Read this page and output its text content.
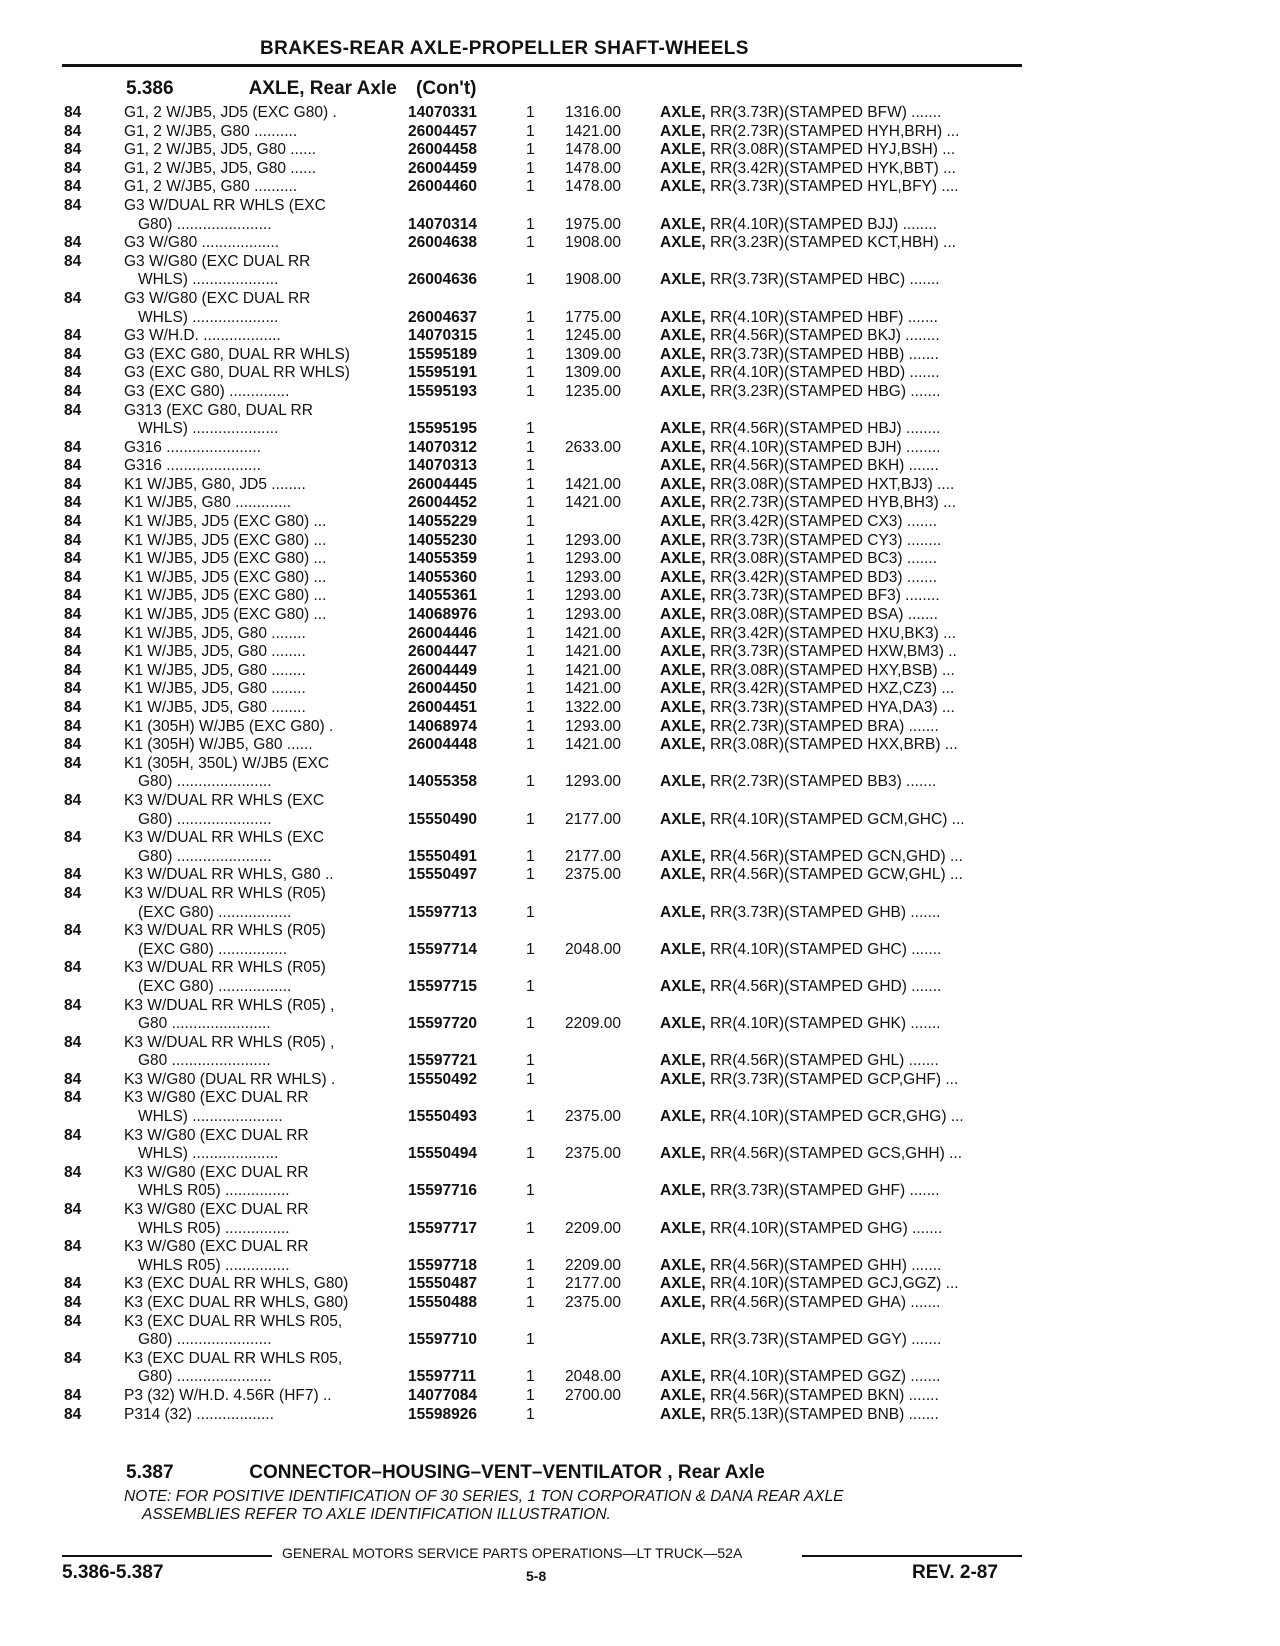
BRAKES-REAR AXLE-PROPELLER SHAFT-WHEELS
5.386	AXLE, Rear Axle (Con't)
84	G1, 2 W/JB5, JD5 (EXC G80) .	14070331	1 1316.00	AXLE, RR(3.73R)(STAMPED BFW) .......
84	G1, 2 W/JB5, G80 ..........	26004457	1 1421.00	AXLE, RR(2.73R)(STAMPED HYH,BRH) ...
84	G1, 2 W/JB5, JD5, G80 ......	26004458	1 1478.00	AXLE, RR(3.08R)(STAMPED HYJ,BSH) ...
84	G1, 2 W/JB5, JD5, G80 ......	26004459	1 1478.00	AXLE, RR(3.42R)(STAMPED HYK,BBT) ...
84	G1, 2 W/JB5, G80 ..........	26004460	1 1478.00	AXLE, RR(3.73R)(STAMPED HYL,BFY) ....
84	G3 W/DUAL RR WHLS (EXC
G80) ......................	14070314	1 1975.00	AXLE, RR(4.10R)(STAMPED BJJ) ........
84	G3 W/G80 ..................	26004638	1 1908.00	AXLE, RR(3.23R)(STAMPED KCT,HBH) ...
84	G3 W/G80 (EXC DUAL RR
WHLS) ....................	26004636	1 1908.00	AXLE, RR(3.73R)(STAMPED HBC) .......
84	G3 W/G80 (EXC DUAL RR
WHLS) ....................	26004637	1 1775.00	AXLE, RR(4.10R)(STAMPED HBF) .......
84	G3 W/H.D. ..................	14070315	1 1245.00	AXLE, RR(4.56R)(STAMPED BKJ) ........
84	G3 (EXC G80, DUAL RR WHLS)	15595189	1 1309.00	AXLE, RR(3.73R)(STAMPED HBB) .......
84	G3 (EXC G80, DUAL RR WHLS)	15595191	1 1309.00	AXLE, RR(4.10R)(STAMPED HBD) .......
84	G3 (EXC G80) ..............	15595193	1 1235.00	AXLE, RR(3.23R)(STAMPED HBG) .......
84	G313 (EXC G80, DUAL RR
WHLS) ....................	15595195	1	AXLE, RR(4.56R)(STAMPED HBJ) ........
84	G316 ......................	14070312	1 2633.00	AXLE, RR(4.10R)(STAMPED BJH) ........
84	G316 ......................	14070313	1	AXLE, RR(4.56R)(STAMPED BKH) .......
84	K1 W/JB5, G80, JD5 ........	26004445	1 1421.00	AXLE, RR(3.08R)(STAMPED HXT,BJ3) ....
84	K1 W/JB5, G80 .............	26004452	1 1421.00	AXLE, RR(2.73R)(STAMPED HYB,BH3) ...
84	K1 W/JB5, JD5 (EXC G80) ...	14055229	1	AXLE, RR(3.42R)(STAMPED CX3) .......
84	K1 W/JB5, JD5 (EXC G80) ...	14055230	1 1293.00	AXLE, RR(3.73R)(STAMPED CY3) ........
84	K1 W/JB5, JD5 (EXC G80) ...	14055359	1 1293.00	AXLE, RR(3.08R)(STAMPED BC3) .......
84	K1 W/JB5, JD5 (EXC G80) ...	14055360	1 1293.00	AXLE, RR(3.42R)(STAMPED BD3) .......
84	K1 W/JB5, JD5 (EXC G80) ...	14055361	1 1293.00	AXLE, RR(3.73R)(STAMPED BF3) ........
84	K1 W/JB5, JD5 (EXC G80) ...	14068976	1 1293.00	AXLE, RR(3.08R)(STAMPED BSA) .......
84	K1 W/JB5, JD5, G80 ........	26004446	1 1421.00	AXLE, RR(3.42R)(STAMPED HXU,BK3) ...
84	K1 W/JB5, JD5, G80 ........	26004447	1 1421.00	AXLE, RR(3.73R)(STAMPED HXW,BM3) ..
84	K1 W/JB5, JD5, G80 ........	26004449	1 1421.00	AXLE, RR(3.08R)(STAMPED HXY,BSB) ...
84	K1 W/JB5, JD5, G80 ........	26004450	1 1421.00	AXLE, RR(3.42R)(STAMPED HXZ,CZ3) ...
84	K1 W/JB5, JD5, G80 ........	26004451	1 1322.00	AXLE, RR(3.73R)(STAMPED HYA,DA3) ...
84	K1 (305H) W/JB5 (EXC G80) .	14068974	1 1293.00	AXLE, RR(2.73R)(STAMPED BRA) .......
84	K1 (305H) W/JB5, G80 ......	26004448	1 1421.00	AXLE, RR(3.08R)(STAMPED HXX,BRB) ...
84	K1 (305H, 350L) W/JB5 (EXC
G80) ......................	14055358	1 1293.00	AXLE, RR(2.73R)(STAMPED BB3) .......
84	K3 W/DUAL RR WHLS (EXC
G80) ......................	15550490	1 2177.00	AXLE, RR(4.10R)(STAMPED GCM,GHC) ...
84	K3 W/DUAL RR WHLS (EXC
G80) ......................	15550491	1 2177.00	AXLE, RR(4.56R)(STAMPED GCN,GHD) ...
84	K3 W/DUAL RR WHLS, G80 ..	15550497	1 2375.00	AXLE, RR(4.56R)(STAMPED GCW,GHL) ...
84	K3 W/DUAL RR WHLS (R05)
(EXC G80) .................	15597713	1	AXLE, RR(3.73R)(STAMPED GHB) .......
84	K3 W/DUAL RR WHLS (R05)
(EXC G80) ................	15597714	1 2048.00	AXLE, RR(4.10R)(STAMPED GHC) .......
84	K3 W/DUAL RR WHLS (R05)
(EXC G80) .................	15597715	1	AXLE, RR(4.56R)(STAMPED GHD) .......
84	K3 W/DUAL RR WHLS (R05) ,
G80 .......................	15597720	1 2209.00	AXLE, RR(4.10R)(STAMPED GHK) .......
84	K3 W/DUAL RR WHLS (R05) ,
G80 .......................	15597721	1	AXLE, RR(4.56R)(STAMPED GHL) .......
84	K3 W/G80 (DUAL RR WHLS) .	15550492	1	AXLE, RR(3.73R)(STAMPED GCP,GHF) ...
84	K3 W/G80 (EXC DUAL RR
WHLS) .....................	15550493	1 2375.00	AXLE, RR(4.10R)(STAMPED GCR,GHG) ...
84	K3 W/G80 (EXC DUAL RR
WHLS) ....................	15550494	1 2375.00	AXLE, RR(4.56R)(STAMPED GCS,GHH) ...
84	K3 W/G80 (EXC DUAL RR
WHLS R05) ...............	15597716	1	AXLE, RR(3.73R)(STAMPED GHF) .......
84	K3 W/G80 (EXC DUAL RR
WHLS R05) ...............	15597717	1 2209.00	AXLE, RR(4.10R)(STAMPED GHG) .......
84	K3 W/G80 (EXC DUAL RR
WHLS R05) ...............	15597718	1 2209.00	AXLE, RR(4.56R)(STAMPED GHH) .......
84	K3 (EXC DUAL RR WHLS, G80)	15550487	1 2177.00	AXLE, RR(4.10R)(STAMPED GCJ,GGZ) ...
84	K3 (EXC DUAL RR WHLS, G80)	15550488	1 2375.00	AXLE, RR(4.56R)(STAMPED GHA) .......
84	K3 (EXC DUAL RR WHLS R05,
G80) ......................	15597710	1	AXLE, RR(3.73R)(STAMPED GGY) .......
84	K3 (EXC DUAL RR WHLS R05,
G80) ......................	15597711	1 2048.00	AXLE, RR(4.10R)(STAMPED GGZ) .......
84	P3 (32) W/H.D. 4.56R (HF7) ..	14077084	1 2700.00	AXLE, RR(4.56R)(STAMPED BKN) .......
84	P314 (32) ..................	15598926	1	AXLE, RR(5.13R)(STAMPED BNB) .......
5.387	CONNECTOR–HOUSING–VENT–VENTILATOR , Rear Axle
NOTE: FOR POSITIVE IDENTIFICATION OF 30 SERIES, 1 TON CORPORATION & DANA REAR AXLE
ASSEMBLIES REFER TO AXLE IDENTIFICATION ILLUSTRATION.
GENERAL MOTORS SERVICE PARTS OPERATIONS—LT TRUCK—52A
5.386-5.387	5-8	REV. 2-87
